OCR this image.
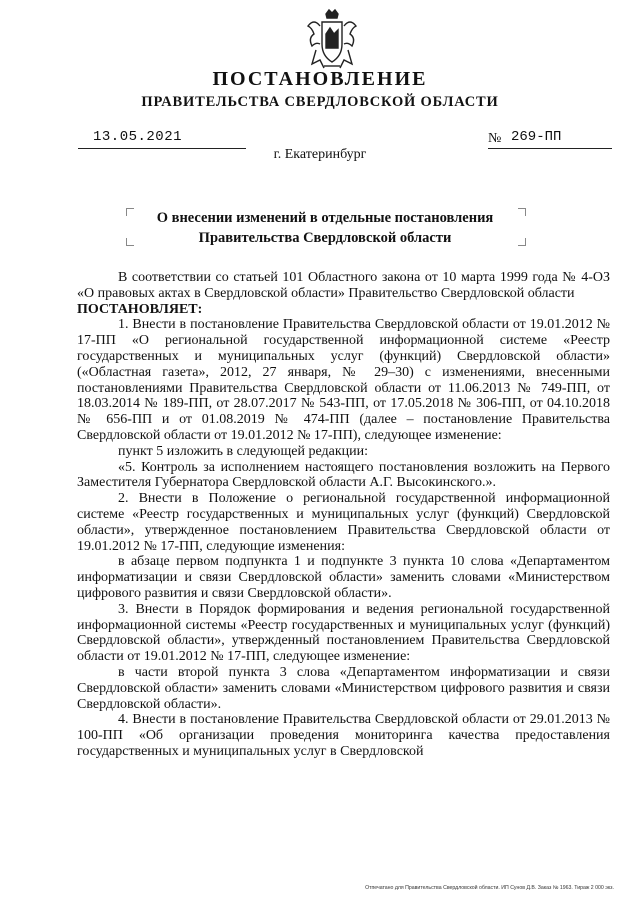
ПОСТАНОВЛЕНИЕ
ПРАВИТЕЛЬСТВА СВЕРДЛОВСКОЙ ОБЛАСТИ
13.05.2021	№ 269-ПП
г. Екатеринбург
О внесении изменений в отдельные постановления
Правительства Свердловской области

В соответствии со статьей 101 Областного закона от 10 марта 1999 года № 4-ОЗ «О правовых актах в Свердловской области» Правительство Свердловской области

ПОСТАНОВЛЯЕТ:

1. Внести в постановление Правительства Свердловской области от 19.01.2012 № 17-ПП «О региональной государственной информационной системе «Реестр государственных и муниципальных услуг (функций) Свердловской области» («Областная газета», 2012, 27 января, № 29–30) с изменениями, внесенными постановлениями Правительства Свердловской области от 11.06.2013 № 749-ПП, от 18.03.2014 № 189-ПП, от 28.07.2017 № 543-ПП, от 17.05.2018 № 306-ПП, от 04.10.2018 № 656-ПП и от 01.08.2019 № 474-ПП (далее – постановление Правительства Свердловской области от 19.01.2012 № 17-ПП), следующее изменение:

пункт 5 изложить в следующей редакции:

«5. Контроль за исполнением настоящего постановления возложить на Первого Заместителя Губернатора Свердловской области А.Г. Высокинского.».

2. Внести в Положение о региональной государственной информационной системе «Реестр государственных и муниципальных услуг (функций) Свердловской области», утвержденное постановлением Правительства Свердловской области от 19.01.2012 № 17-ПП, следующие изменения:

в абзаце первом подпункта 1 и подпункте 3 пункта 10 слова «Департаментом информатизации и связи Свердловской области» заменить словами «Министерством цифрового развития и связи Свердловской области».

3. Внести в Порядок формирования и ведения региональной государственной информационной системы «Реестр государственных и муниципальных услуг (функций) Свердловской области», утвержденный постановлением Правительства Свердловской области от 19.01.2012 № 17-ПП, следующее изменение:

в части второй пункта 3 слова «Департаментом информатизации и связи Свердловской области» заменить словами «Министерством цифрового развития и связи Свердловской области».

4. Внести в постановление Правительства Свердловской области от 29.01.2013 № 100-ПП «Об организации проведения мониторинга качества предоставления государственных и муниципальных услуг в Свердловской

Отпечатано для Правительства Свердловской области. ИП Сунов Д.В. Заказ № 1963. Тираж 2 000 экз.
